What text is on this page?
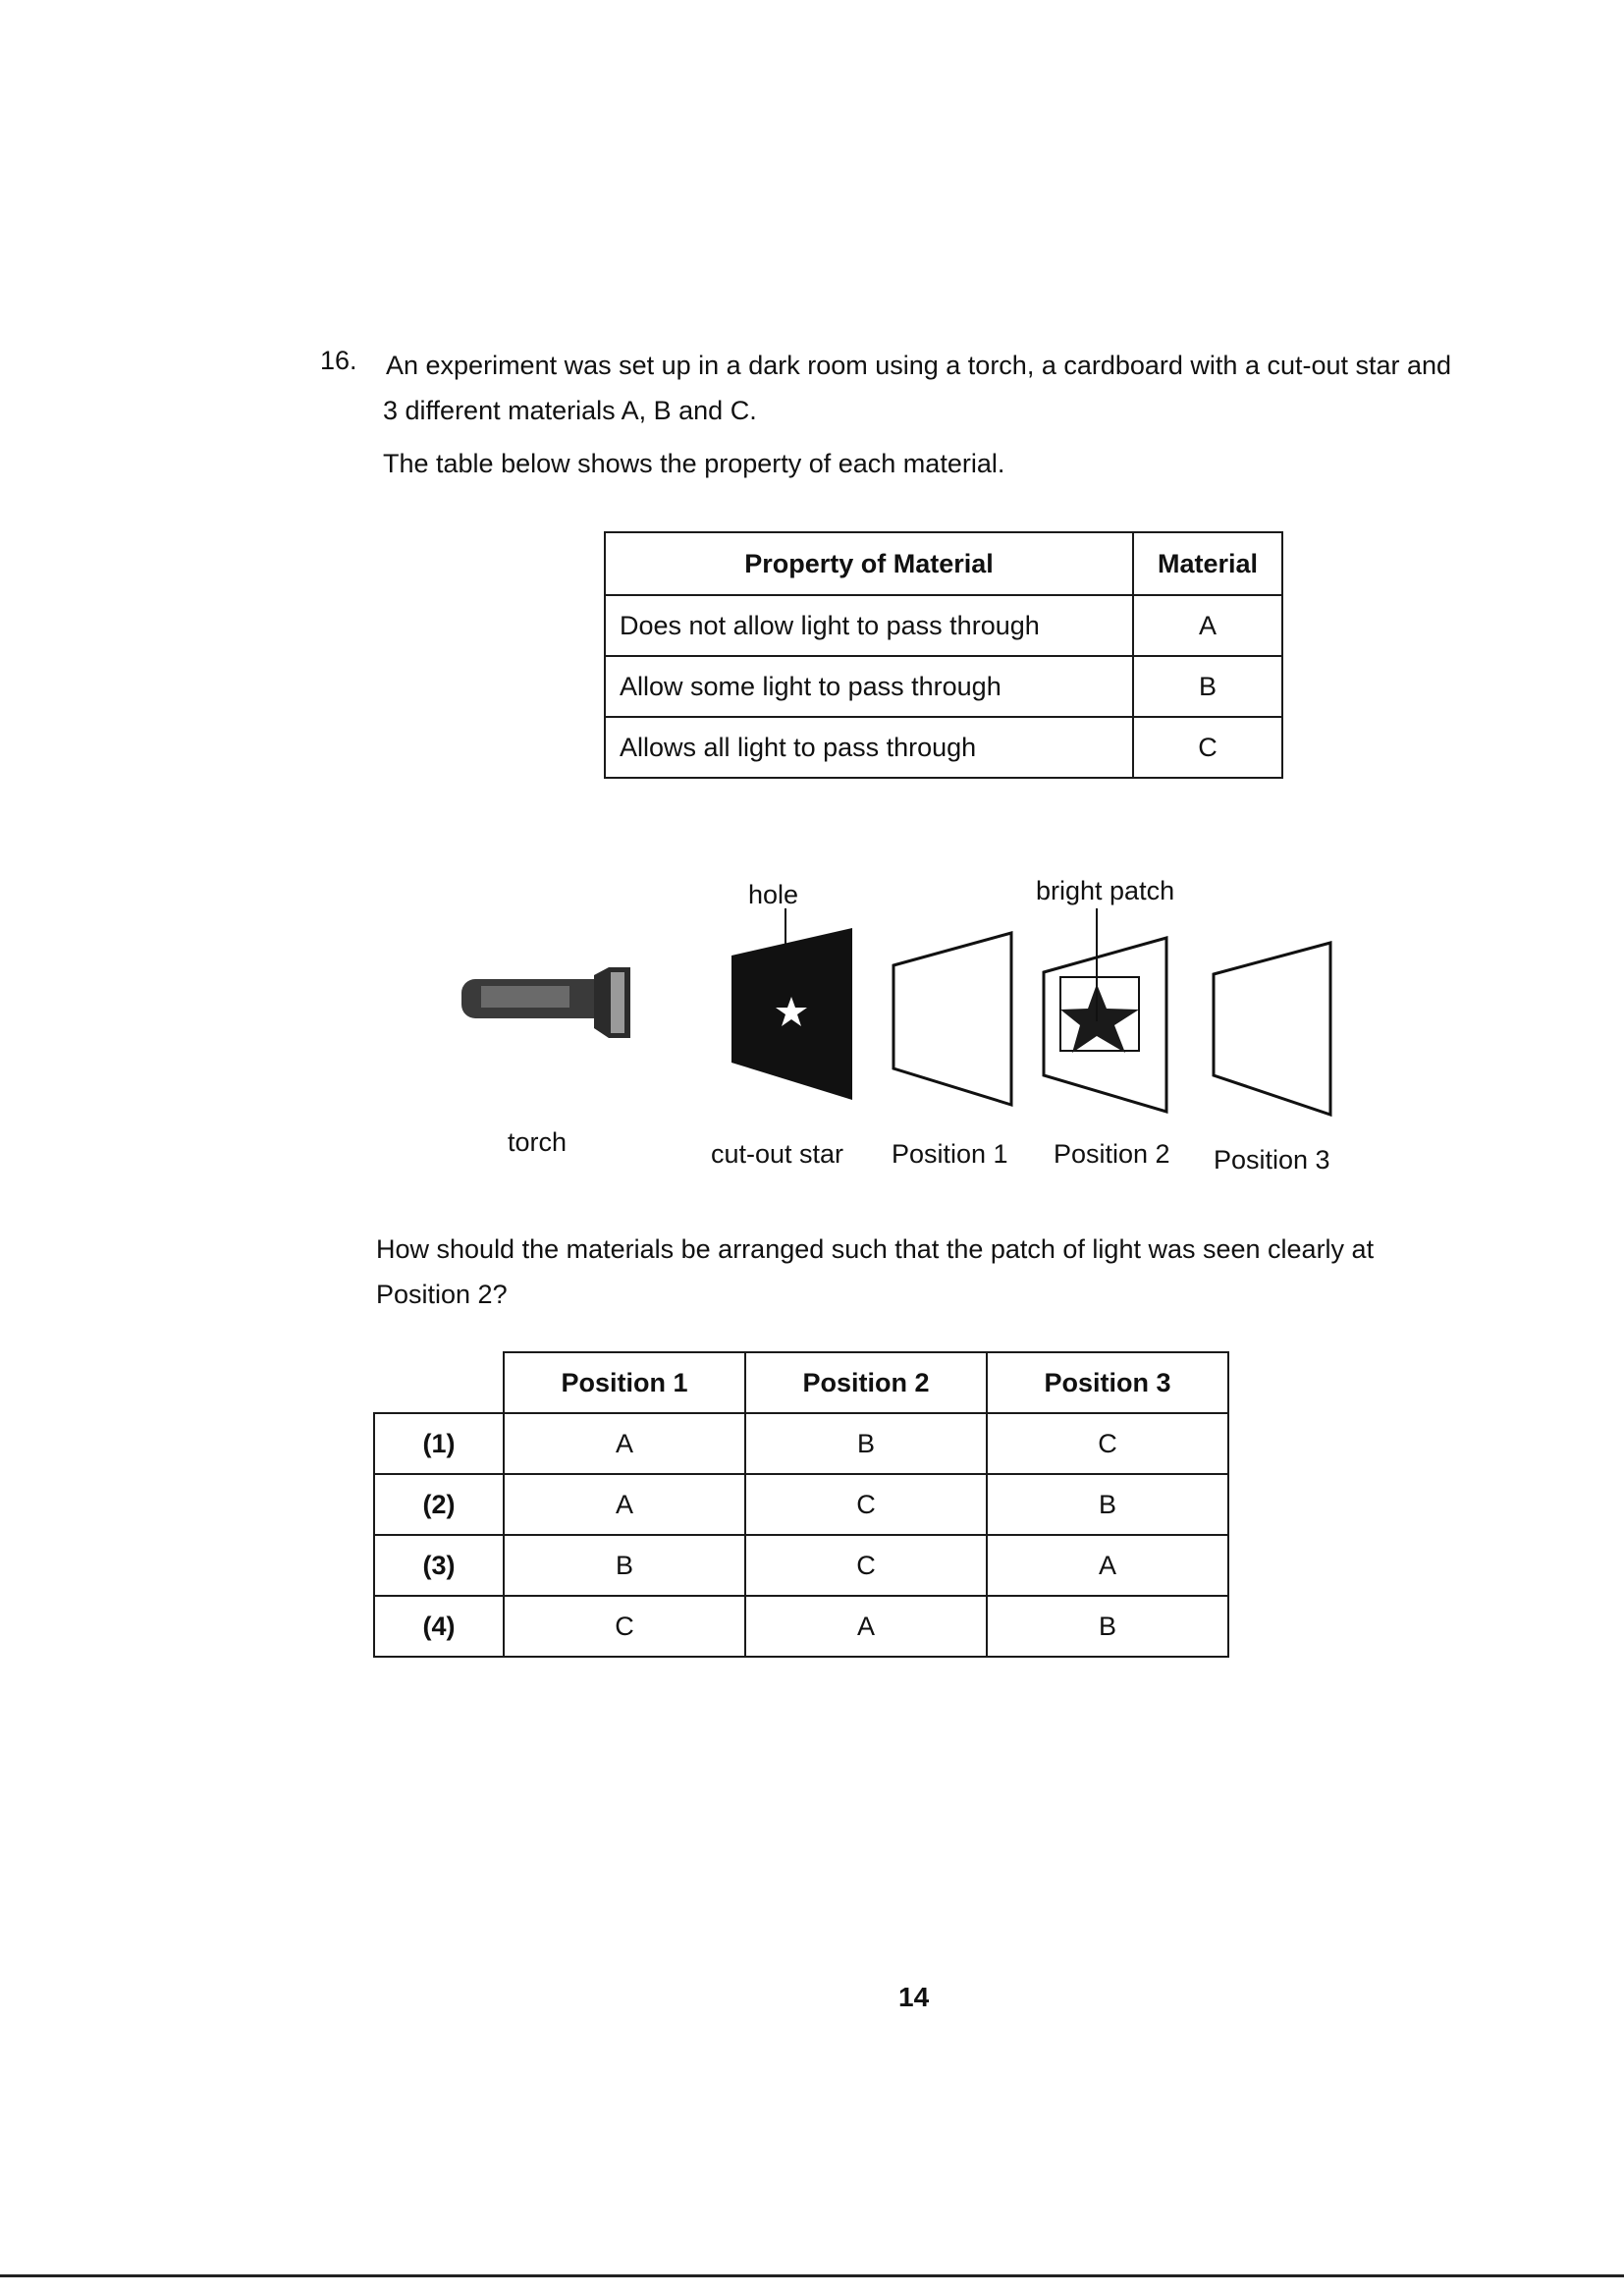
16. An experiment was set up in a dark room using a torch, a cardboard with a cut-out star and
3 different materials A, B and C.
The table below shows the property of each material.
Property of Material	Material
Does not allow light to pass through	A
Allow some light to pass through	B
Allows all light to pass through	C
hole	bright patch
torch	cut-out star Position 1 Position 2 Position 3
How should the materials be arranged such that the patch of light was seen clearly at
Position 2?
	Position 1	Position 2	Position 3
(1)	A	B	C
(2)	A	C	B
(3)	B	C	A
(4)	C	A	B
14
